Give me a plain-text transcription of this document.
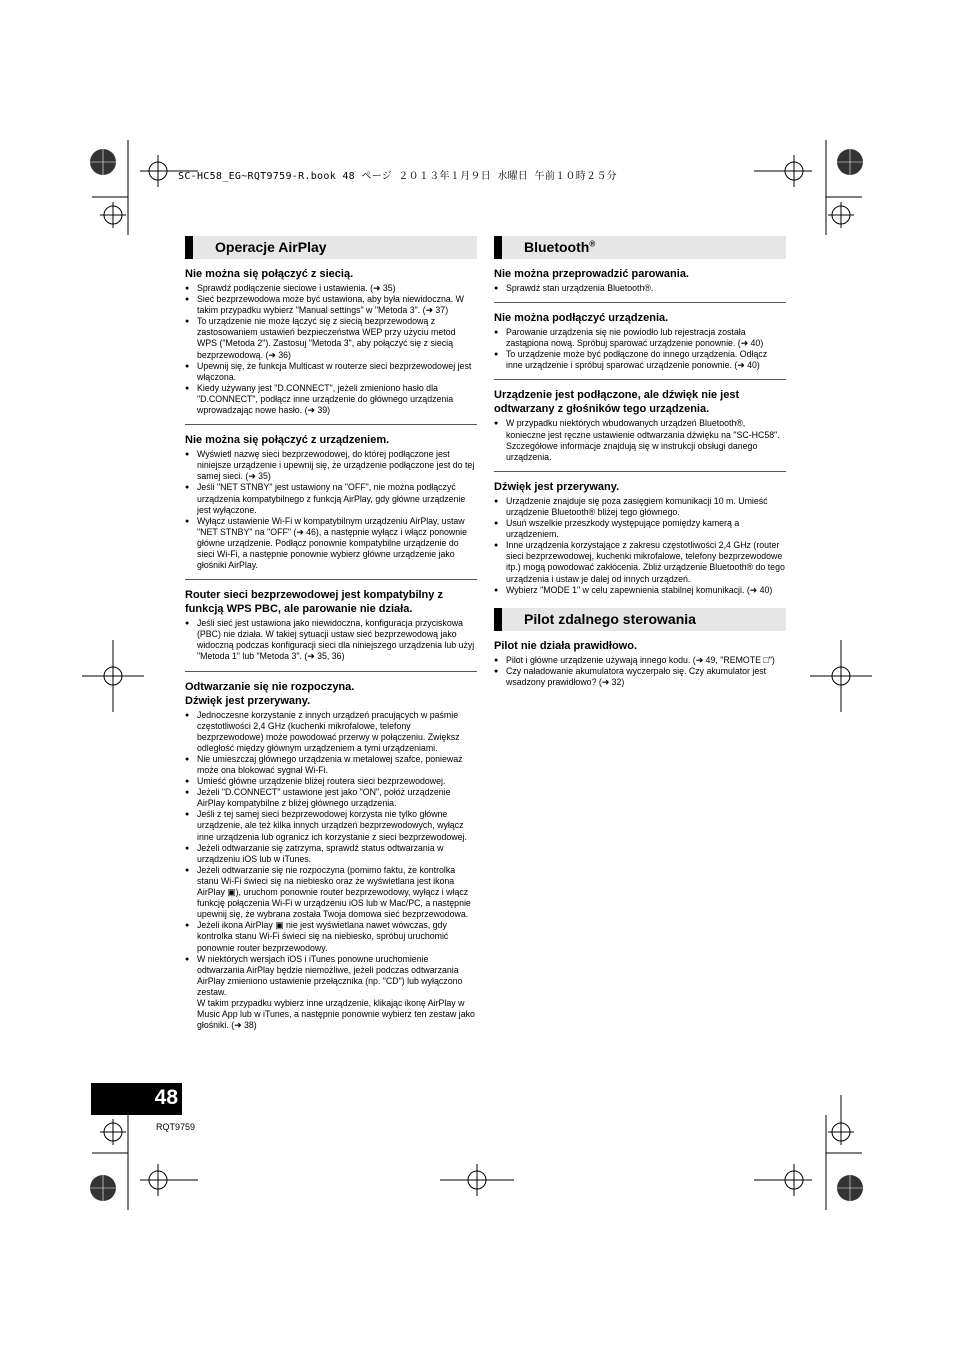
SC-HC58_EG~RQT9759-R.book 48 ページ ２０１３年１月９日 水曜日 午前１０時２５分
Operacje AirPlay
Nie można się połączyć z siecią.
● Sprawdź podłączenie sieciowe i ustawienia. (➜ 35)
● Sieć bezprzewodowa może być ustawiona, aby była niewidoczna. W takim przypadku wybierz "Manual settings" w "Metoda 3". (➜ 37)
● To urządzenie nie może łączyć się z siecią bezprzewodową z zastosowaniem ustawień bezpieczeństwa WEP przy użyciu metod WPS ("Metoda 2"). Zastosuj "Metoda 3", aby połączyć się z siecią bezprzewodową. (➜ 36)
● Upewnij się, że funkcja Multicast w routerze sieci bezprzewodowej jest włączona.
● Kiedy używany jest "D.CONNECT", jeżeli zmieniono hasło dla "D.CONNECT", podłącz inne urządzenie do głównego urządzenia wprowadzając nowe hasło. (➜ 39)
Nie można się połączyć z urządzeniem.
● Wyświetl nazwę sieci bezprzewodowej, do której podłączone jest niniejsze urządzenie i upewnij się, że urządzenie podłączone jest do tej samej sieci. (➜ 35)
● Jeśli "NET STNBY" jest ustawiony na "OFF", nie można podłączyć urządzenia kompatybilnego z funkcją AirPlay, gdy główne urządzenie jest wyłączone.
● Wyłącz ustawienie Wi-Fi w kompatybilnym urządzeniu AirPlay, ustaw "NET STNBY" na "OFF" (➜ 46), a następnie wyłącz i włącz ponownie główne urządzenie. Podłącz ponownie kompatybilne urządzenie do sieci Wi-Fi, a następnie ponownie wybierz główne urządzenie jako głośniki AirPlay.
Router sieci bezprzewodowej jest kompatybilny z funkcją WPS PBC, ale parowanie nie działa.
● Jeśli sieć jest ustawiona jako niewidoczna, konfiguracja przyciskowa (PBC) nie działa. W takiej sytuacji ustaw sieć bezprzewodową jako widoczną podczas konfiguracji sieci dla niniejszego urządzenia lub użyj "Metoda 1" lub "Metoda 3". (➜ 35, 36)
Odtwarzanie się nie rozpoczyna.
Dźwięk jest przerywany.
● Jednoczesne korzystanie z innych urządzeń pracujących w paśmie częstotliwości 2,4 GHz (kuchenki mikrofalowe, telefony bezprzewodowe) może powodować przerwy w połączeniu. Zwiększ odległość między głównym urządzeniem a tymi urządzeniami.
● Nie umieszczaj głównego urządzenia w metalowej szafce, ponieważ może ona blokować sygnał Wi-Fi.
● Umieść główne urządzenie bliżej routera sieci bezprzewodowej.
● Jeżeli "D.CONNECT" ustawione jest jako "ON", połóż urządzenie AirPlay kompatybilne z bliżej głównego urządzenia.
● Jeśli z tej samej sieci bezprzewodowej korzysta nie tylko główne urządzenie, ale też kilka innych urządzeń bezprzewodowych, wyłącz inne urządzenia lub ogranicz ich korzystanie z sieci bezprzewodowej.
● Jeżeli odtwarzanie się zatrzyma, sprawdź status odtwarzania w urządzeniu iOS lub w iTunes.
● Jeżeli odtwarzanie się nie rozpoczyna (pomimo faktu, że kontrolka stanu Wi-Fi świeci się na niebiesko oraz że wyświetlana jest ikona AirPlay ▣), uruchom ponownie router bezprzewodowy, wyłącz i włącz funkcję połączenia Wi-Fi w urządzeniu iOS lub w Mac/PC, a następnie upewnij się, że wybrana została Twoja domowa sieć bezprzewodowa.
● Jeżeli ikona AirPlay ▣ nie jest wyświetlana nawet wówczas, gdy kontrolka stanu Wi-Fi świeci się na niebiesko, spróbuj uruchomić ponownie router bezprzewodowy.
● W niektórych wersjach iOS i iTunes ponowne uruchomienie odtwarzania AirPlay będzie niemożliwe, jeżeli podczas odtwarzania AirPlay zmieniono ustawienie przełącznika (np. "CD") lub wyłączono zestaw.
W takim przypadku wybierz inne urządzenie, klikając ikonę AirPlay w Music App lub w iTunes, a następnie ponownie wybierz ten zestaw jako głośniki. (➜ 38)
Bluetooth®
Nie można przeprowadzić parowania.
● Sprawdź stan urządzenia Bluetooth®.
Nie można podłączyć urządzenia.
● Parowanie urządzenia się nie powiodło lub rejestracja została zastąpiona nową. Spróbuj sparować urządzenie ponownie. (➜ 40)
● To urządzenie może być podłączone do innego urządzenia. Odłącz inne urządzenie i spróbuj sparować urządzenie ponownie. (➜ 40)
Urządzenie jest podłączone, ale dźwięk nie jest odtwarzany z głośników tego urządzenia.
● W przypadku niektórych wbudowanych urządzeń Bluetooth®, konieczne jest ręczne ustawienie odtwarzania dźwięku na "SC-HC58". Szczegółowe informacje znajdują się w instrukcji obsługi danego urządzenia.
Dźwięk jest przerywany.
● Urządzenie znajduje się poza zasięgiem komunikacji 10 m. Umieść urządzenie Bluetooth® bliżej tego głównego.
● Usuń wszelkie przeszkody występujące pomiędzy kamerą a urządzeniem.
● Inne urządzenia korzystające z zakresu częstotliwości 2,4 GHz (router sieci bezprzewodowej, kuchenki mikrofalowe, telefony bezprzewodowe itp.) mogą powodować zakłócenia. Zbliż urządzenie Bluetooth® do tego urządzenia i ustaw je dalej od innych urządzeń.
● Wybierz "MODE 1" w celu zapewnienia stabilnej komunikacji. (➜ 40)
Pilot zdalnego sterowania
Pilot nie działa prawidłowo.
● Pilot i główne urządzenie używają innego kodu. (➜ 49, "REMOTE □")
● Czy naładowanie akumulatora wyczerpało się. Czy akumulator jest wsadzony prawidłowo? (➜ 32)
48
RQT9759
